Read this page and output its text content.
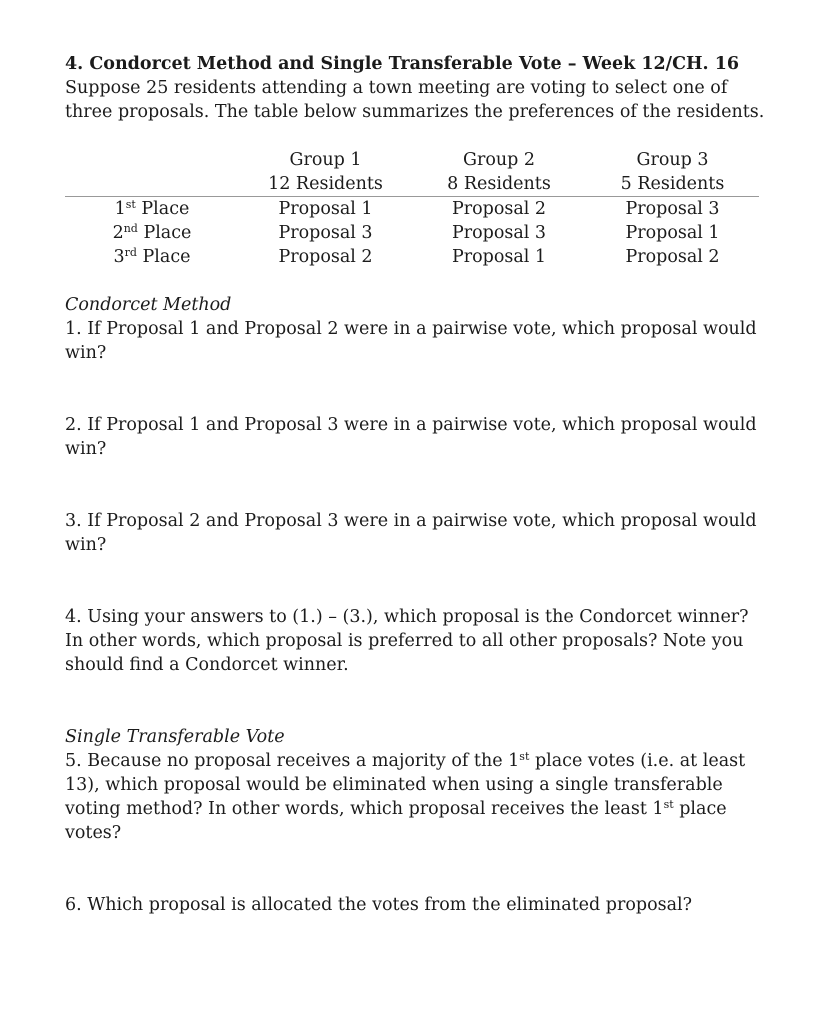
4. Condorcet Method and Single Transferable Vote – Week 12/CH. 16

Suppose 25 residents attending a town meeting are voting to select one of three proposals. The table below summarizes the preferences of the residents.

	Group 1	Group 2	Group 3
	12 Residents	8 Residents	5 Residents
1st Place	Proposal 1	Proposal 2	Proposal 3
2nd Place	Proposal 3	Proposal 3	Proposal 1
3rd Place	Proposal 2	Proposal 1	Proposal 2
Condorcet Method

1. If Proposal 1 and Proposal 2 were in a pairwise vote, which proposal would win?

2. If Proposal 1 and Proposal 3 were in a pairwise vote, which proposal would win?

3. If Proposal 2 and Proposal 3 were in a pairwise vote, which proposal would win?

4. Using your answers to (1.) – (3.), which proposal is the Condorcet winner? In other words, which proposal is preferred to all other proposals? Note you should find a Condorcet winner.

Single Transferable Vote

5. Because no proposal receives a majority of the 1st place votes (i.e. at least 13), which proposal would be eliminated when using a single transferable voting method? In other words, which proposal receives the least 1st place votes?

6. Which proposal is allocated the votes from the eliminated proposal?
